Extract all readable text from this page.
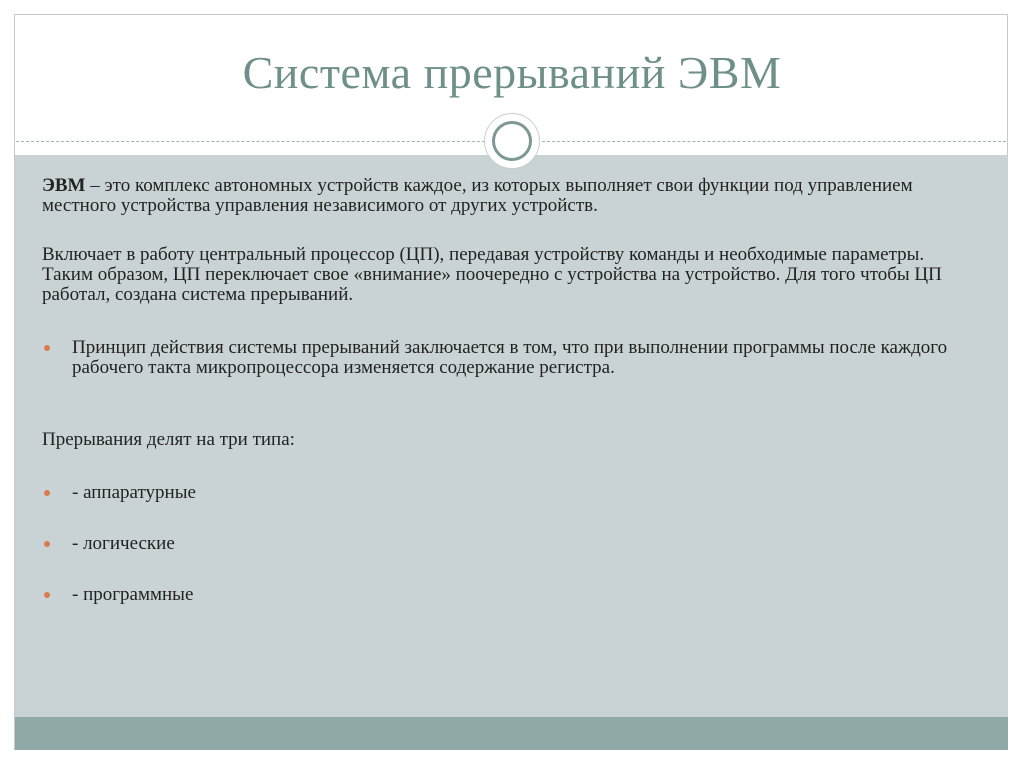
Система прерываний ЭВМ

ЭВМ – это комплекс автономных устройств каждое, из которых выполняет свои функции под управлением местного устройства управления независимого от других устройств.

Включает в работу центральный процессор (ЦП), передавая устройству команды и необходимые параметры. Таким образом, ЦП переключает свое «внимание» поочередно с устройства на устройство. Для того чтобы ЦП работал, создана система прерываний.

Принцип действия системы прерываний заключается в том, что при выполнении программы после каждого рабочего такта микропроцессора изменяется содержание регистра.

Прерывания делят на три типа:

- аппаратурные

- логические

- программные
